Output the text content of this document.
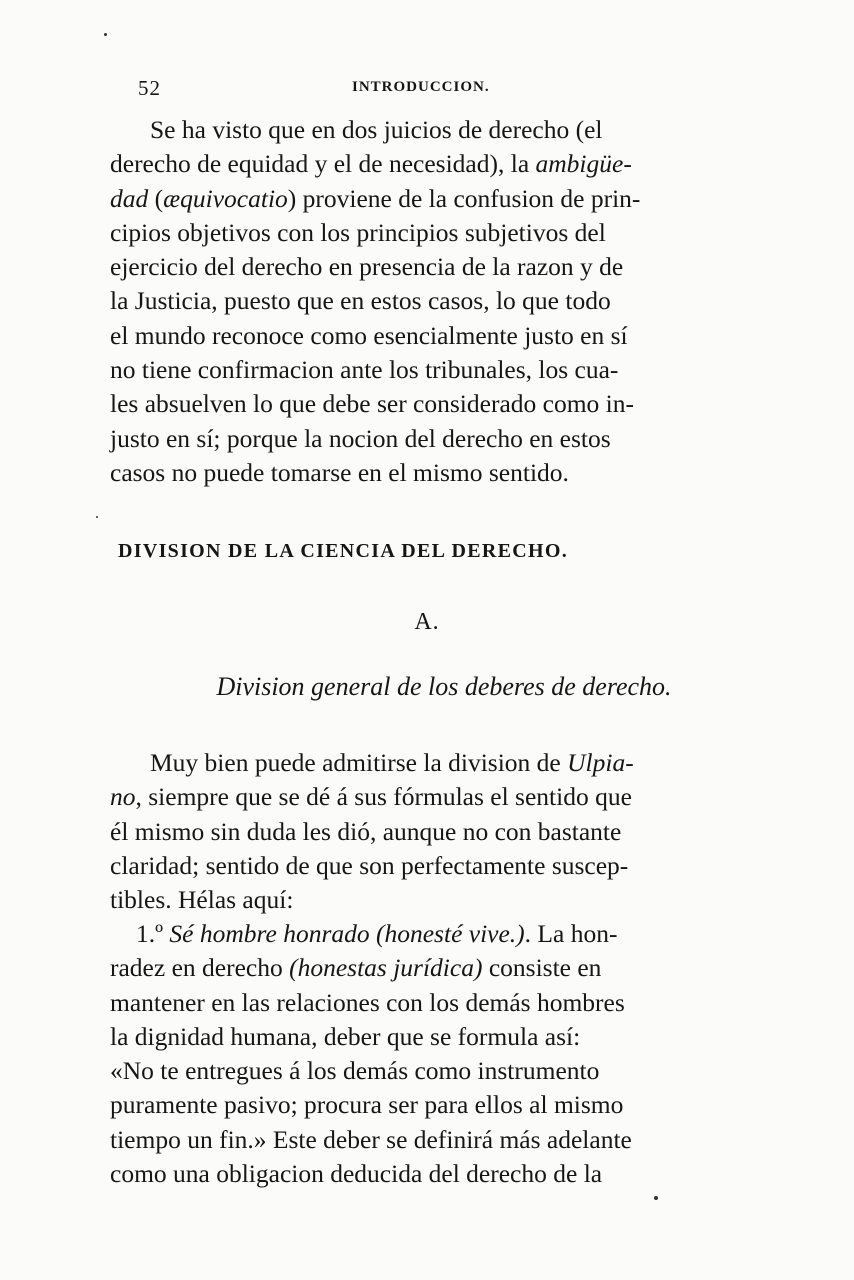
52	INTRODUCCION.
Se ha visto que en dos juicios de derecho (el
derecho de equidad y el de necesidad), la ambigüe-
dad (æquivocatio) proviene de la confusion de prin-
cipios objetivos con los principios subjetivos del
ejercicio del derecho en presencia de la razon y de
la Justicia, puesto que en estos casos, lo que todo
el mundo reconoce como esencialmente justo en sí
no tiene confirmacion ante los tribunales, los cua-
les absuelven lo que debe ser considerado como in-
justo en sí; porque la nocion del derecho en estos
casos no puede tomarse en el mismo sentido.
DIVISION DE LA CIENCIA DEL DERECHO.
A.
Division general de los deberes de derecho.
Muy bien puede admitirse la division de Ulpia-
no, siempre que se dé á sus fórmulas el sentido que
él mismo sin duda les dió, aunque no con bastante
claridad; sentido de que son perfectamente suscep-
tibles. Hélas aquí:
1.º Sé hombre honrado (honesté vive.). La hon-
radez en derecho (honestas jurídica) consiste en
mantener en las relaciones con los demás hombres
la dignidad humana, deber que se formula así:
«No te entregues á los demás como instrumento
puramente pasivo; procura ser para ellos al mismo
tiempo un fin.» Este deber se definirá más adelante
como una obligacion deducida del derecho de la
